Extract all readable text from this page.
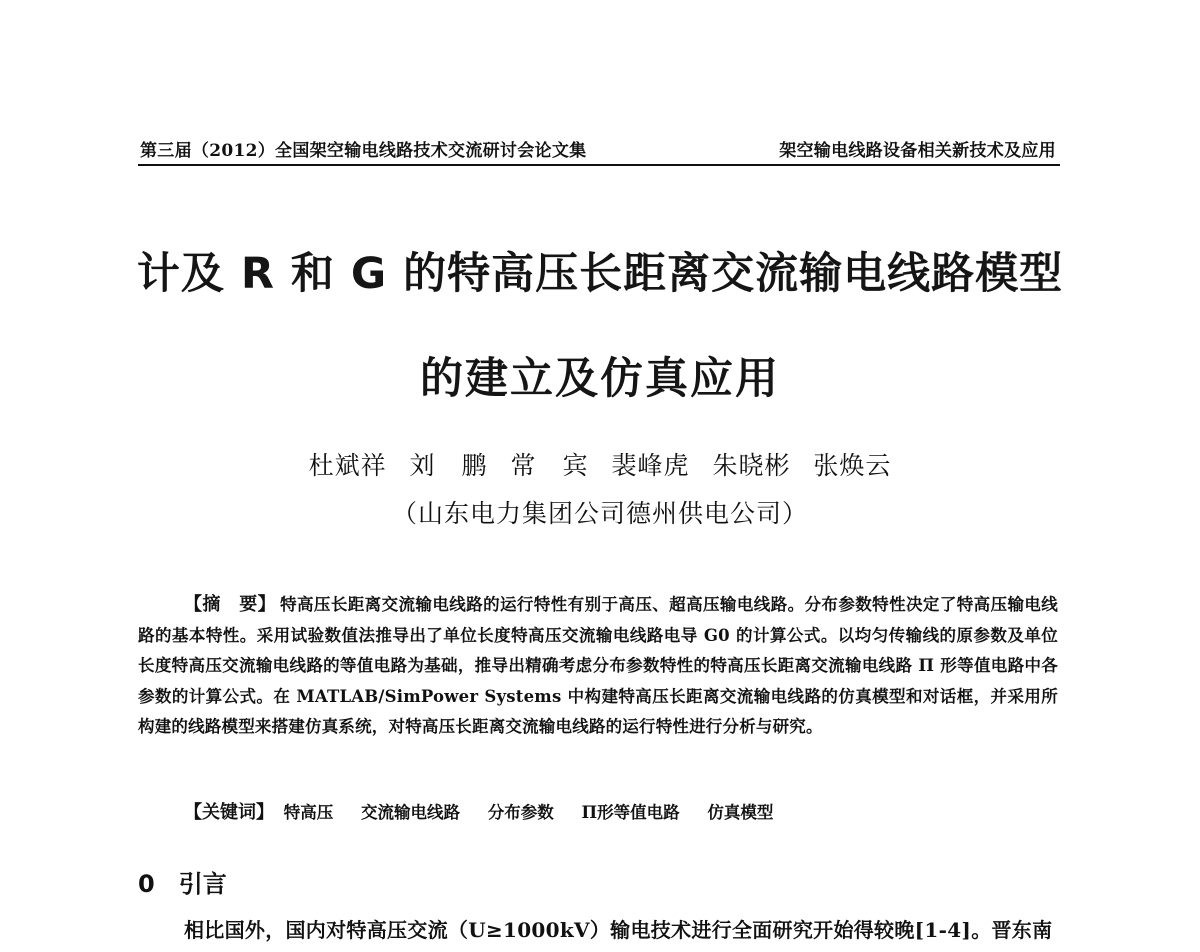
第三届（2012）全国架空输电线路技术交流研讨会论文集	架空输电线路设备相关新技术及应用
计及 R 和 G 的特高压长距离交流输电线路模型
的建立及仿真应用
杜斌祥 刘　鹏 常　宾 裴峰虎 朱晓彬 张焕云
（山东电力集团公司德州供电公司）
【摘　要】 特高压长距离交流输电线路的运行特性有别于高压、超高压输电线路。分布参数特性决定了特高压输电线路的基本特性。采用试验数值法推导出了单位长度特高压交流输电线路电导 G0 的计算公式。以均匀传输线的原参数及单位长度特高压交流输电线路的等值电路为基础，推导出精确考虑分布参数特性的特高压长距离交流输电线路 Π 形等值电路中各参数的计算公式。在 MATLAB/SimPower Systems 中构建特高压长距离交流输电线路的仿真模型和对话框，并采用所构建的线路模型来搭建仿真系统，对特高压长距离交流输电线路的运行特性进行分析与研究。
【关键词】 特高压 交流输电线路 分布参数 Π形等值电路 仿真模型
0 引言
相比国外，国内对特高压交流（U≥1000kV）输电技术进行全面研究开始得较晚[1-4]。晋东南
